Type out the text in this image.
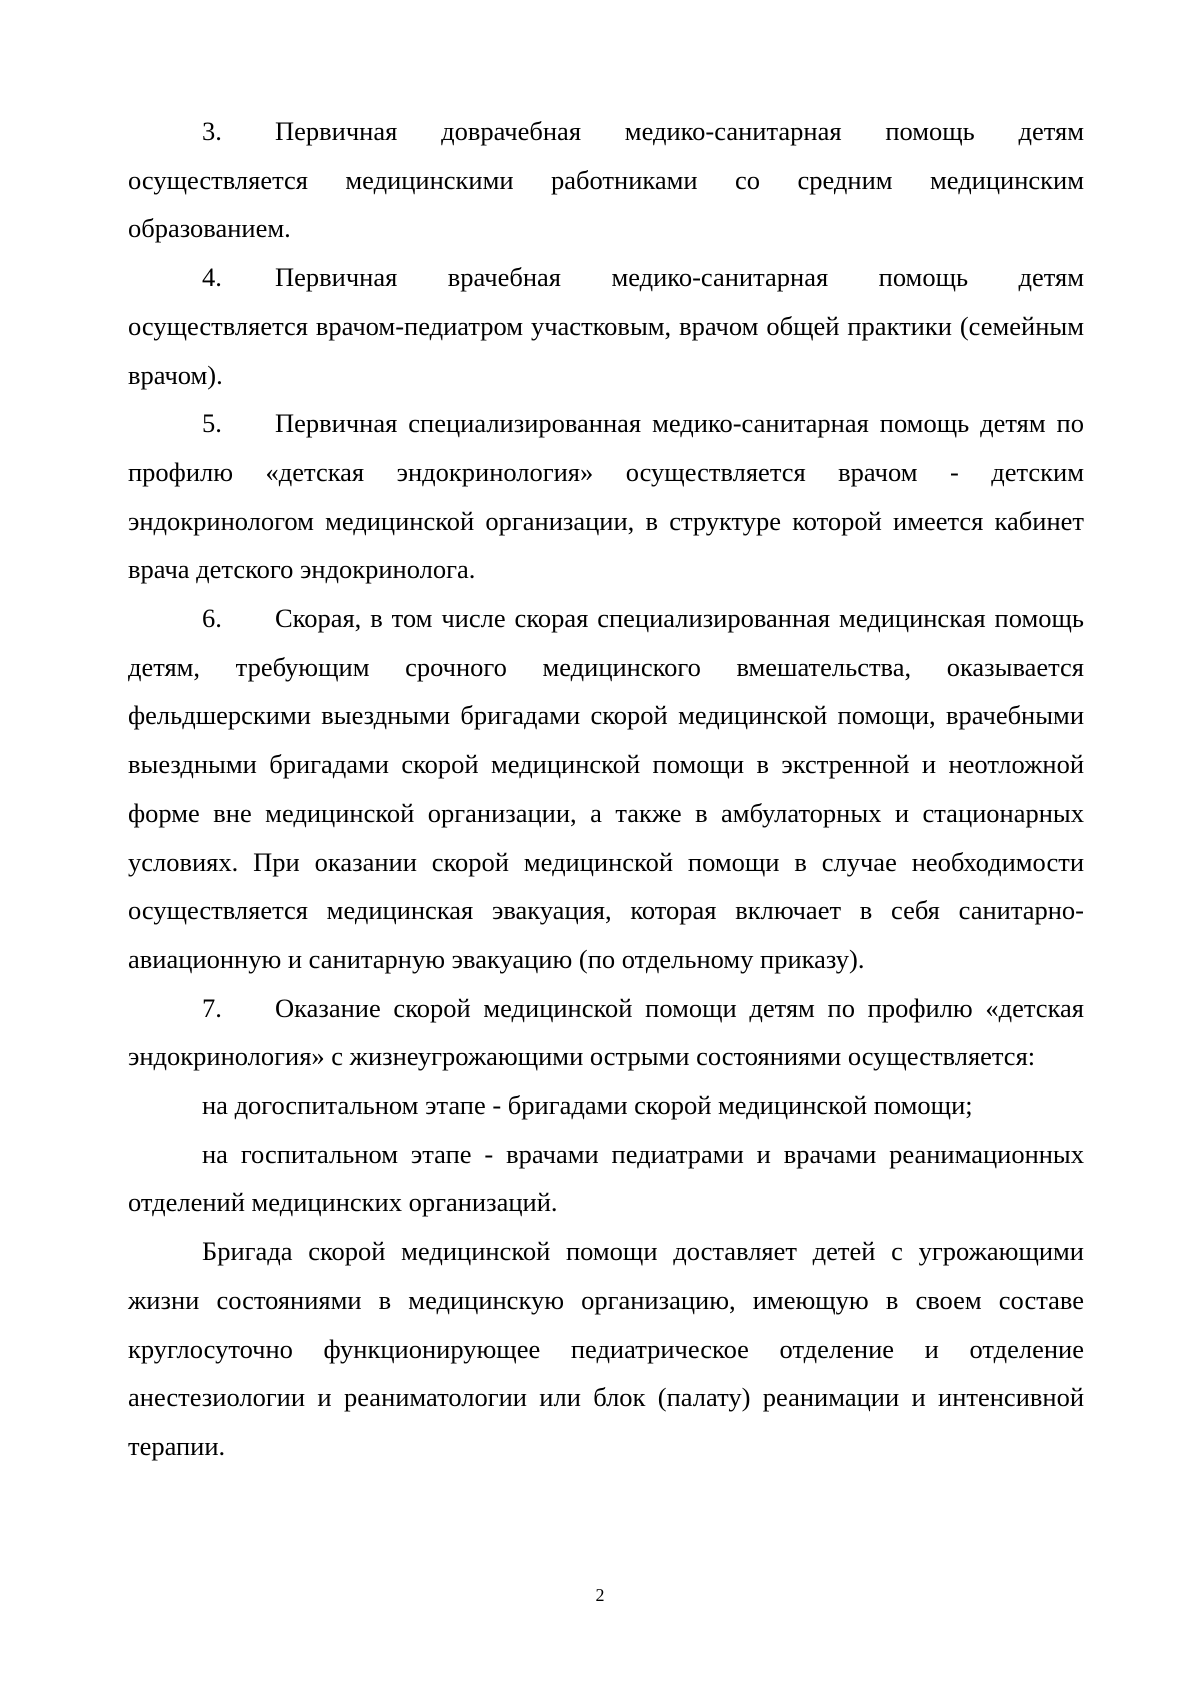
3. Первичная доврачебная медико-санитарная помощь детям осуществляется медицинскими работниками со средним медицинским образованием.

4. Первичная врачебная медико-санитарная помощь детям осуществляется врачом-педиатром участковым, врачом общей практики (семейным врачом).

5. Первичная специализированная медико-санитарная помощь детям по профилю «детская эндокринология» осуществляется врачом - детским эндокринологом медицинской организации, в структуре которой имеется кабинет врача детского эндокринолога.

6. Скорая, в том числе скорая специализированная медицинская помощь детям, требующим срочного медицинского вмешательства, оказывается фельдшерскими выездными бригадами скорой медицинской помощи, врачебными выездными бригадами скорой медицинской помощи в экстренной и неотложной форме вне медицинской организации, а также в амбулаторных и стационарных условиях. При оказании скорой медицинской помощи в случае необходимости осуществляется медицинская эвакуация, которая включает в себя санитарно-авиационную и санитарную эвакуацию (по отдельному приказу).

7. Оказание скорой медицинской помощи детям по профилю «детская эндокринология» с жизнеугрожающими острыми состояниями осуществляется:

на догоспитальном этапе - бригадами скорой медицинской помощи;

на госпитальном этапе - врачами педиатрами и врачами реанимационных отделений медицинских организаций.

Бригада скорой медицинской помощи доставляет детей с угрожающими жизни состояниями в медицинскую организацию, имеющую в своем составе круглосуточно функционирующее педиатрическое отделение и отделение анестезиологии и реаниматологии или блок (палату) реанимации и интенсивной терапии.

2
